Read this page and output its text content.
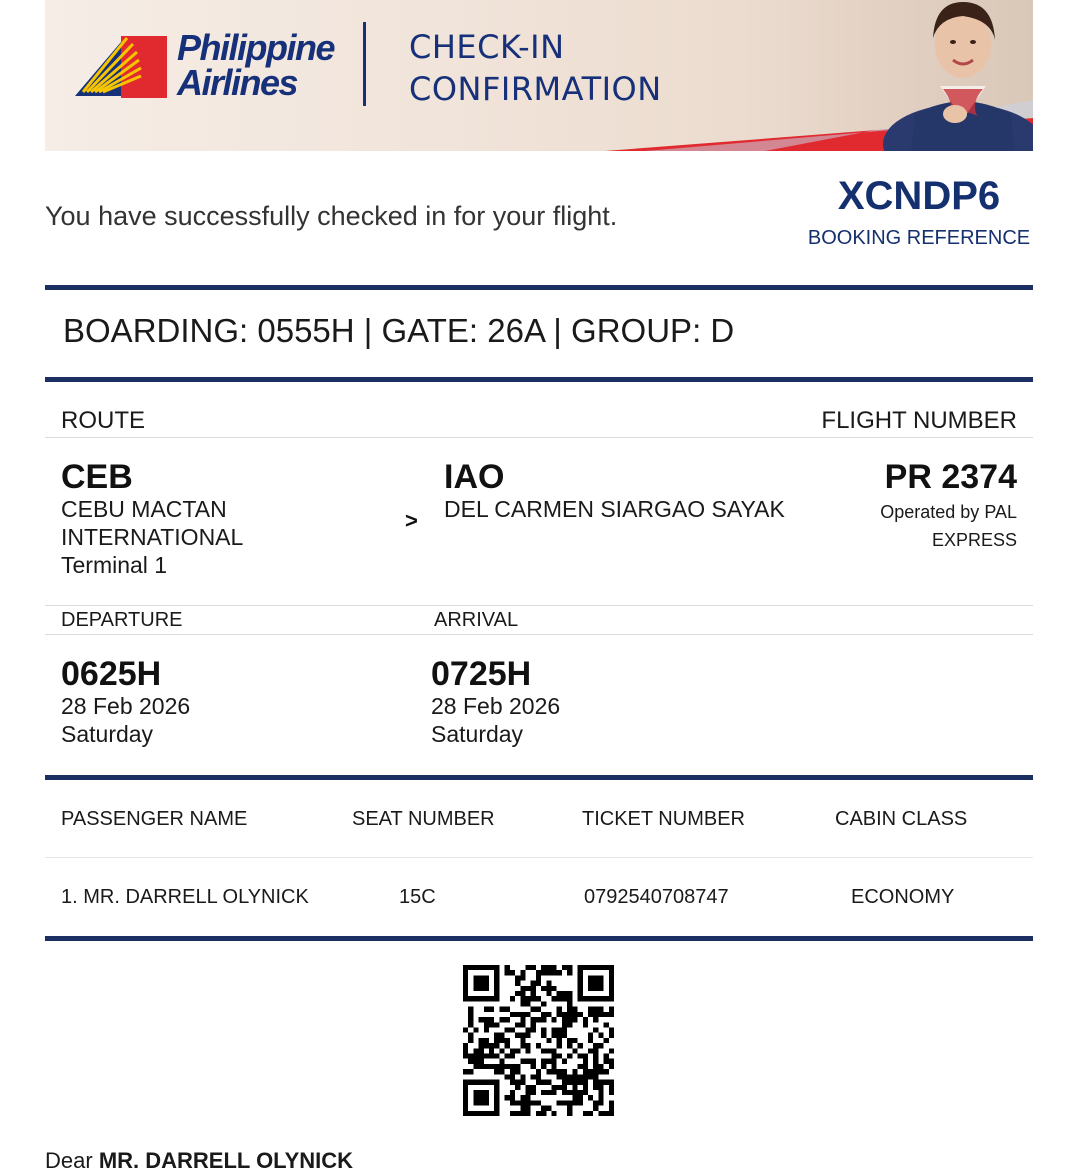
Philippine
Airlines
CHECK-IN
CONFIRMATION
You have successfully checked in for your flight.	XCNDP6
BOOKING REFERENCE
BOARDING: 0555H | GATE: 26A | GROUP: D
ROUTE	FLIGHT NUMBER
CEB
CEBU MACTAN
INTERNATIONAL
Terminal 1
>
IAO
DEL CARMEN SIARGAO SAYAK
PR 2374
Operated by PAL
EXPRESS
DEPARTURE	ARRIVAL
0625H
28 Feb 2026
Saturday
0725H
28 Feb 2026
Saturday
PASSENGER NAME	SEAT NUMBER	TICKET NUMBER	CABIN CLASS
1. MR. DARRELL OLYNICK	15C	0792540708747	ECONOMY
Dear MR. DARRELL OLYNICK
